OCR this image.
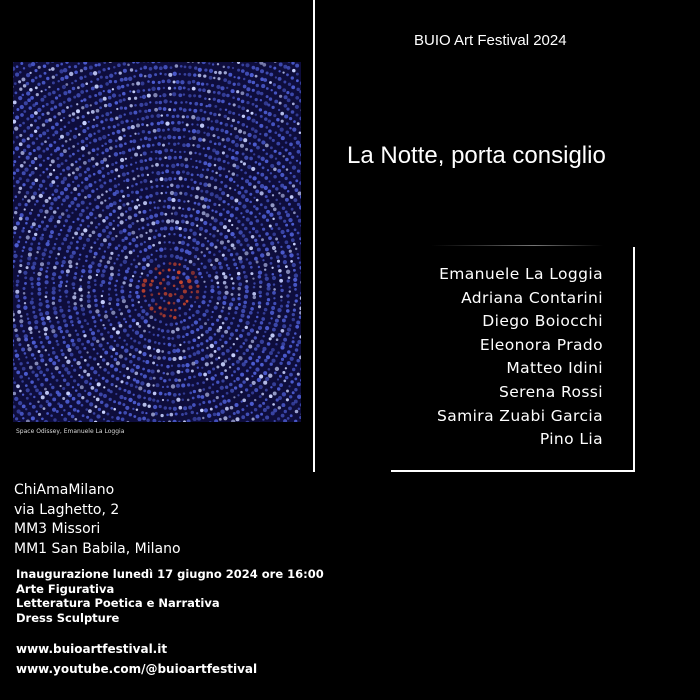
Space Odissey, Emanuele La Loggia
BUIO Art Festival 2024
La Notte, porta consiglio
Emanuele La Loggia
Adriana Contarini
Diego Boiocchi
Eleonora Prado
Matteo Idini
Serena Rossi
Samira Zuabi Garcia
Pino Lia
ChiAmaMilano
via Laghetto, 2
MM3 Missori
MM1 San Babila, Milano
Inaugurazione lunedì 17 giugno 2024 ore 16:00
Arte Figurativa
Letteratura Poetica e Narrativa
Dress Sculpture
www.buioartfestival.it
www.youtube.com/@buioartfestival
